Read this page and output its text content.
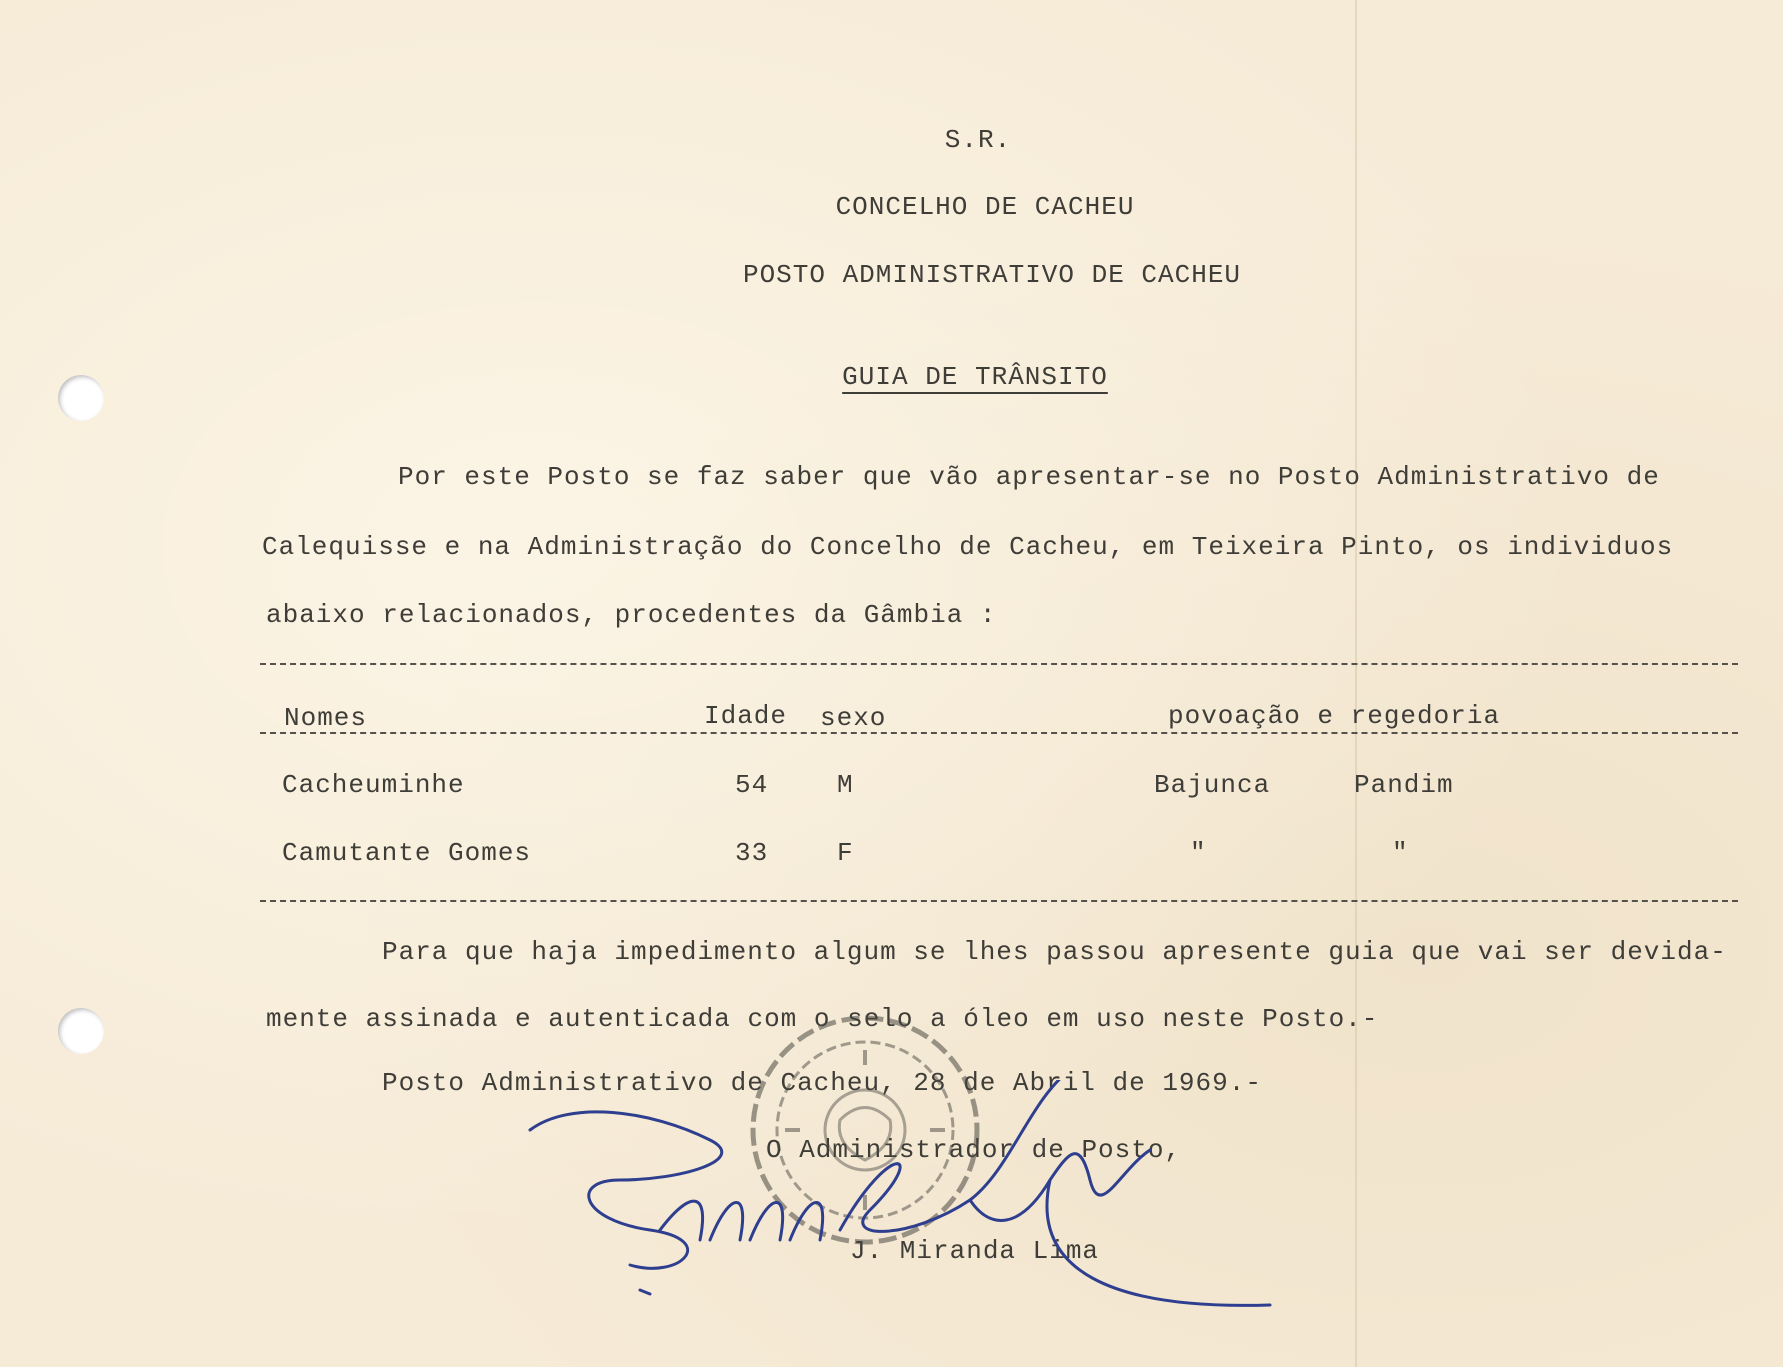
S.R.
CONCELHO DE CACHEU
POSTO ADMINISTRATIVO DE CACHEU
GUIA DE TRÂNSITO
Por este Posto se faz saber que vão apresentar-se no Posto Administrativo de
Calequisse e na Administração do Concelho de Cacheu, em Teixeira Pinto, os individuos
abaixo relacionados, procedentes da Gâmbia :
Nomes	Idade sexo	povoação e regedoria
Cacheuminhe	54	M	Bajunca	Pandim
Camutante Gomes	33	F	"	"
Para que haja impedimento algum se lhes passou apresente guia que vai ser devida-
mente assinada e autenticada com o selo a óleo em uso neste Posto.-
Posto Administrativo de Cacheu, 28 de Abril de 1969.-
O Administrador de Posto,
J. Miranda Lima
